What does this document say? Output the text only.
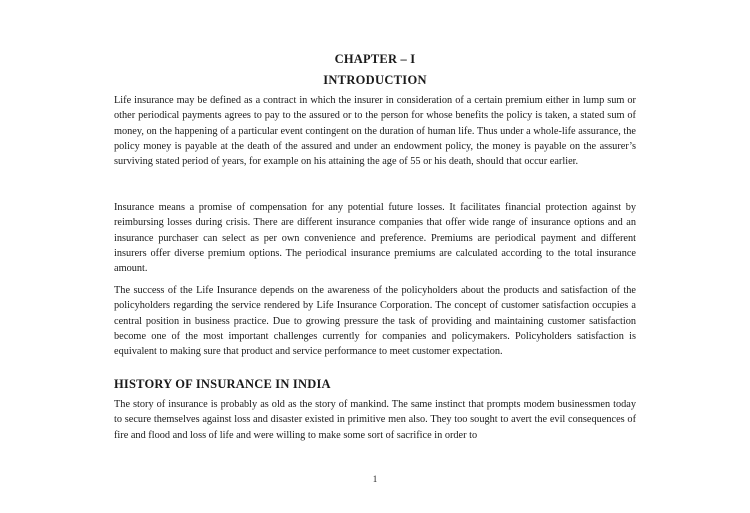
CHAPTER – I
INTRODUCTION

Life insurance may be defined as a contract in which the insurer in consideration of a certain premium either in lump sum or other periodical payments agrees to pay to the assured or to the person for whose benefits the policy is taken, a stated sum of money, on the happening of a particular event contingent on the duration of human life. Thus under a whole-life assurance, the policy money is payable at the death of the assured and under an endowment policy, the money is payable on the assurer’s surviving stated period of years, for example on his attaining the age of 55 or his death, should that occur earlier.

Insurance means a promise of compensation for any potential future losses. It facilitates financial protection against by reimbursing losses during crisis. There are different insurance companies that offer wide range of insurance options and an insurance purchaser can select as per own convenience and preference. Premiums are periodical payment and different insurers offer diverse premium options. The periodical insurance premiums are calculated according to the total insurance amount.

The success of the Life Insurance depends on the awareness of the policyholders about the products and satisfaction of the policyholders regarding the service rendered by Life Insurance Corporation. The concept of customer satisfaction occupies a central position in business practice. Due to growing pressure the task of providing and maintaining customer satisfaction become one of the most important challenges currently for companies and policymakers. Policyholders satisfaction is equivalent to making sure that product and service performance to meet customer expectation.

HISTORY OF INSURANCE IN INDIA

The story of insurance is probably as old as the story of mankind. The same instinct that prompts modem businessmen today to secure themselves against loss and disaster existed in primitive men also. They too sought to avert the evil consequences of fire and flood and loss of life and were willing to make some sort of sacrifice in order to

1
